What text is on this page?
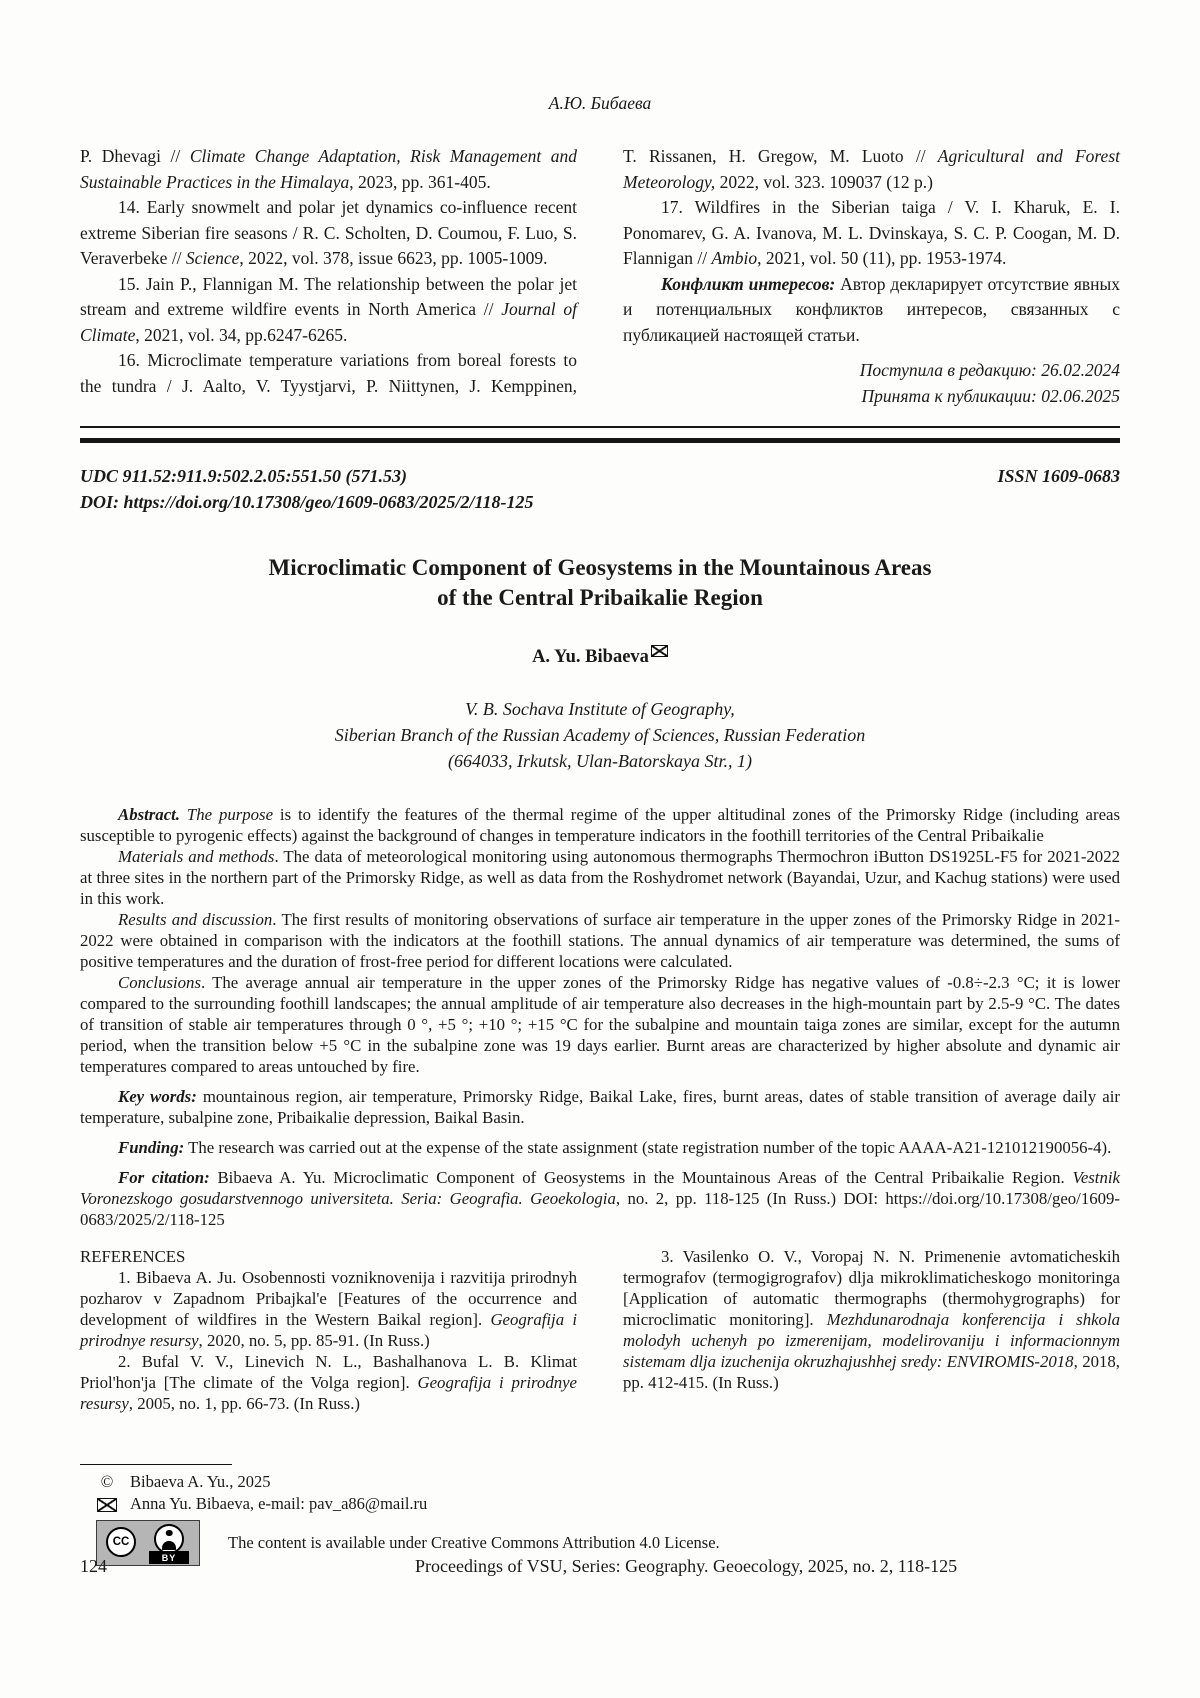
А.Ю. Бибаева

P. Dhevagi // Climate Change Adaptation, Risk Management and Sustainable Practices in the Himalaya, 2023, pp. 361-405.

14. Early snowmelt and polar jet dynamics co-influence recent extreme Siberian fire seasons / R. C. Scholten, D. Coumou, F. Luo, S. Veraverbeke // Science, 2022, vol. 378, issue 6623, pp. 1005-1009.

15. Jain P., Flannigan M. The relationship between the polar jet stream and extreme wildfire events in North America // Journal of Climate, 2021, vol. 34, pp.6247-6265.

16. Microclimate temperature variations from boreal forests to the tundra / J. Aalto, V. Tyystjarvi, P. Niittynen, J. Kemppinen,

T. Rissanen, H. Gregow, M. Luoto // Agricultural and Forest Meteorology, 2022, vol. 323. 109037 (12 p.)

17. Wildfires in the Siberian taiga / V. I. Kharuk, E. I. Ponomarev, G. A. Ivanova, M. L. Dvinskaya, S. C. P. Coogan, M. D. Flannigan // Ambio, 2021, vol. 50 (11), pp. 1953-1974.

Конфликт интересов: Автор декларирует отсутствие явных и потенциальных конфликтов интересов, связанных с публикацией настоящей статьи.

Поступила в редакцию: 26.02.2024
Принята к публикации: 02.06.2025
UDC 911.52:911.9:502.2.05:551.50 (571.53)	ISSN 1609-0683
DOI: https://doi.org/10.17308/geo/1609-0683/2025/2/118-125
Microclimatic Component of Geosystems in the Mountainous Areas
of the Central Pribaikalie Region
A. Yu. Bibaeva
V. B. Sochava Institute of Geography,
Siberian Branch of the Russian Academy of Sciences, Russian Federation
(664033, Irkutsk, Ulan-Batorskaya Str., 1)

Abstract. The purpose is to identify the features of the thermal regime of the upper altitudinal zones of the Primorsky Ridge (including areas susceptible to pyrogenic effects) against the background of changes in temperature indicators in the foothill territories of the Central Pribaikalie

Materials and methods. The data of meteorological monitoring using autonomous thermographs Thermochron iButton DS1925L-F5 for 2021-2022 at three sites in the northern part of the Primorsky Ridge, as well as data from the Roshydromet network (Bayandai, Uzur, and Kachug stations) were used in this work.

Results and discussion. The first results of monitoring observations of surface air temperature in the upper zones of the Primorsky Ridge in 2021-2022 were obtained in comparison with the indicators at the foothill stations. The annual dynamics of air temperature was determined, the sums of positive temperatures and the duration of frost-free period for different locations were calculated.

Conclusions. The average annual air temperature in the upper zones of the Primorsky Ridge has negative values of -0.8÷-2.3 °C; it is lower compared to the surrounding foothill landscapes; the annual amplitude of air temperature also decreases in the high-mountain part by 2.5-9 °C. The dates of transition of stable air temperatures through 0 °, +5 °; +10 °; +15 °C for the subalpine and mountain taiga zones are similar, except for the autumn period, when the transition below +5 °C in the subalpine zone was 19 days earlier. Burnt areas are characterized by higher absolute and dynamic air temperatures compared to areas untouched by fire.

Key words: mountainous region, air temperature, Primorsky Ridge, Baikal Lake, fires, burnt areas, dates of stable transition of average daily air temperature, subalpine zone, Pribaikalie depression, Baikal Basin.

Funding: The research was carried out at the expense of the state assignment (state registration number of the topic AAAA-A21-121012190056-4).

For citation: Bibaeva A. Yu. Microclimatic Component of Geosystems in the Mountainous Areas of the Central Pribaikalie Region. Vestnik Voronezskogo gosudarstvennogo universiteta. Seria: Geografia. Geoekologia, no. 2, pp. 118-125 (In Russ.) DOI: https://doi.org/10.17308/geo/1609-0683/2025/2/118-125

REFERENCES

1. Bibaeva A. Ju. Osobennosti vozniknovenija i razvitija prirodnyh pozharov v Zapadnom Pribajkal'e [Features of the occurrence and development of wildfires in the Western Baikal region]. Geografija i prirodnye resursy, 2020, no. 5, pp. 85-91. (In Russ.)

2. Bufal V. V., Linevich N. L., Bashalhanova L. B. Klimat Priol'hon'ja [The climate of the Volga region]. Geografija i prirodnye resursy, 2005, no. 1, pp. 66-73. (In Russ.)

3. Vasilenko O. V., Voropaj N. N. Primenenie avtomaticheskih termografov (termogigrografov) dlja mikroklimaticheskogo monitoringa [Application of automatic thermographs (thermohygrographs) for microclimatic monitoring]. Mezhdunarodnaja konferencija i shkola molodyh uchenyh po izmerenijam, modelirovaniju i informacionnym sistemam dlja izuchenija okruzhajushhej sredy: ENVIROMIS-2018, 2018, pp. 412-415. (In Russ.)

© Bibaeva A. Yu., 2025
Anna Yu. Bibaeva, e-mail: pav_a86@mail.ru
CC
BY
The content is available under Creative Commons Attribution 4.0 License.
124	Proceedings of VSU, Series: Geography. Geoecology, 2025, no. 2, 118-125
